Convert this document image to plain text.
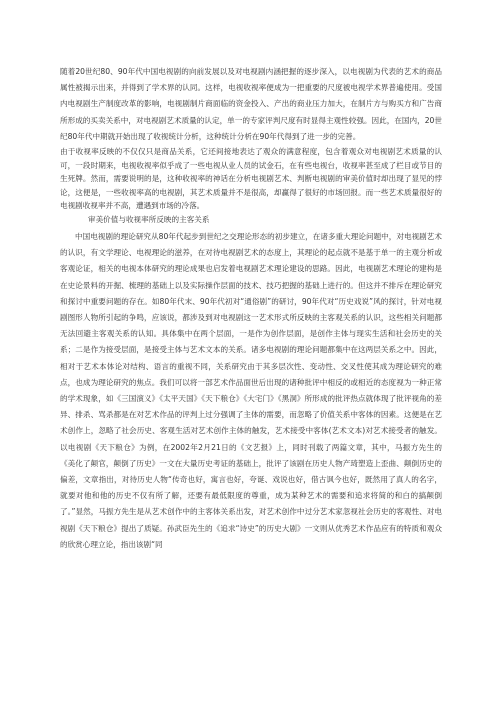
随着20世纪80、90年代中国电视剧的向前发展以及对电视剧内涵把握的逐步深入，以电视剧为代表的艺术的商品属性被揭示出来，并得到了学术界的认同。这样，电视收视率便成为一把重要的尺度被电视学术界普遍使用。受国内电视剧生产制度改革的影响，电视剧制片商面临的资金投入、产出的商业压力加大，在制片方与购买方和广告商所形成的买卖关系中，对电视剧艺术质量的认定，单一的专家评判尺度有时显得主观性较强。因此，在国内，20世纪80年代中期就开始出现了收视统计分析，这种统计分析在90年代得到了进一步的完善。

由于收视率反映的不仅仅只是商品关系，它还间接地表达了观众的满意程度，包含着观众对电视剧艺术质量的认可，一段时期来，电视收视率似乎成了一些电视从业人员的试金石，在有些电视台，收视率甚至成了栏目或节目的生死牌。然而，需要说明的是，这种收视率的神话在分析电视剧艺术、判断电视剧的审美价值时却出现了显见的悖论，这便是，一些收视率高的电视剧，其艺术质量并不是很高，却赢得了很好的市场回报。而一些艺术质量很好的电视剧收视率并不高，遭遇到市场的冷落。

审美价值与收视率所反映的主客关系

中国电视剧的理论研究从80年代起步到世纪之交理论形态的初步建立，在诸多重大理论问题中，对电视剧艺术的认识，有文学理论、电视理论的滋养，在对待电视剧艺术的态度上，其理论的起点就不是基于单一的主观分析或客观论证，相关的电视本体研究的理论成果也启发着电视剧艺术理论建设的思路。因此，电视剧艺术理论的建构是在史论景料的开掘、梳理的基础上以及实际操作层面的技术、技巧把握的基础上进行的。但这并不排斥在理论研究和探讨中重要问题的存在。如80年代末、90年代初对“通俗剧”的研讨，90年代对“历史戏说”风的探讨，针对电视剧图形人物所引起的争鸣，应该说，都涉及到对电视剧这一艺术形式所反映的主客观关系的认识，这些相关问题都无法回避主客观关系的认知。具体集中在两个层面，一是作为创作层面，是创作主体与现实生活和社会历史的关系；二是作为接受层面，是接受主体与艺术文本的关系。诸多电视剧的理论问题都集中在这两层关系之中。因此，相对于艺术本体论对结构、语言的重视不同，关系研究由于其多层次性、变动性、交叉性使其成为理论研究的难点，也成为理论研究的焦点。我们可以将一部艺术作品面世后出现的诸种批评中相反的或相近的态度视为一种正常的学术现象，如《三国演义》《太平天国》《天下粮仓》《大宅门》《黑洞》所形成的批评热点就体现了批评视角的差异、排杀、骂杀都是在对艺术作品的评判上过分强调了主体的需要，而忽略了价值关系中客体的因素。这便是在艺术创作上，忽略了社会历史、客观生活对艺术创作主体的触发，艺术接受中客体(艺术文本)对艺术接受者的触发。以电视剧《天下粮仓》为例，在2002年2月21日的《文艺报》上，同时刊载了两篇文章，其中，马振方先生的《美化了颠官，颠倒了历史》一文在大量历史考证的基础上，批评了该剧在历史人物产琦塑造上歪曲、颠倒历史的偏差，文章指出，对待历史人物“传奇也好，寓言也好，夸诞、戏说也好，借古讽今也好，既然用了真人的名字，就要对他和他的历史不仅有所了解，还要有最低限度的尊重，成为某种艺术的需要和追求将简的和白的搞颠倒了。”显然，马振方先生是从艺术创作中的主客体关系出发，对艺术创作中过分艺术家忽视社会历史的客观性、对电视剧《天下粮仓》提出了质疑。孙武臣先生的《追求“诗史”的历史大剧》一文则从优秀艺术作品应有的特质和观众的欣赏心理立论，指出该剧“同
